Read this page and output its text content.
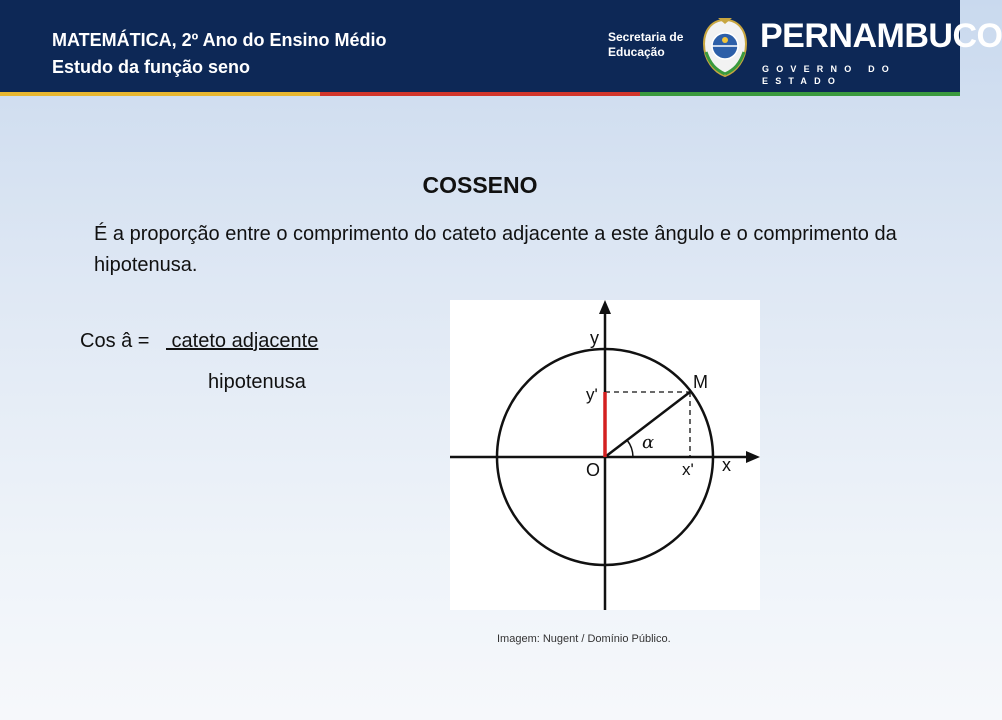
MATEMÁTICA, 2º Ano do Ensino Médio
Estudo da função seno
Secretaria de
Educação	PERNAMBUCO
GOVERNO DO ESTADO
COSSENO
É a proporção entre o comprimento do cateto adjacente a este ângulo e o comprimento da hipotenusa.
Cos â = cateto adjacente
hipotenusa
y
x
O
M
y'
x'
α
Imagem: Nugent / Domínio Público.
